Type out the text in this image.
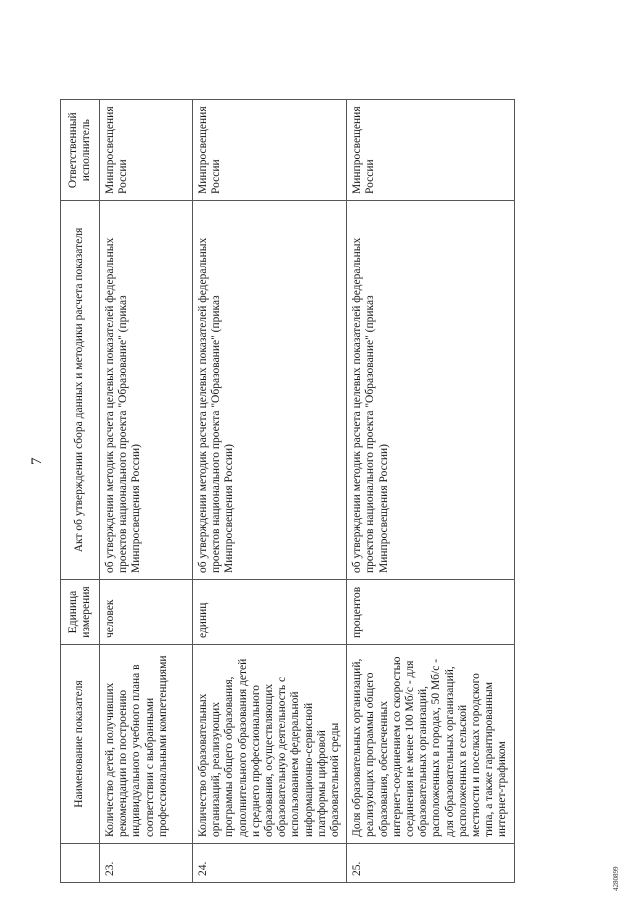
7
	Наименование показателя	Единица измерения	Акт об утверждении сбора данных и методики расчета показателя	Ответственный исполнитель
23.	Количество детей, получивших рекомендации по построению индивидуального учебного плана в соответствии с выбранными профессиональными компетенциями	человек	об утверждении методик расчета целевых показателей федеральных проектов национального проекта "Образование" (приказ Минпросвещения России)	Минпросвещения России
24.	Количество образовательных организаций, реализующих программы общего образования, дополнительного образования детей и среднего профессионального образования, осуществляющих образовательную деятельность с использованием федеральной информационно-сервисной платформы цифровой образовательной среды	единиц	об утверждении методик расчета целевых показателей федеральных проектов национального проекта "Образование" (приказ Минпросвещения России)	Минпросвещения России
25.	Доля образовательных организаций, реализующих программы общего образования, обеспеченных интернет-соединением со скоростью соединения не менее 100 Мб/с - для образовательных организаций, расположенных в городах, 50 Мб/с - для образовательных организаций, расположенных в сельской местности и поселках городского типа, а также гарантированным интернет-трафиком	процентов	об утверждении методик расчета целевых показателей федеральных проектов национального проекта "Образование" (приказ Минпросвещения России)	Минпросвещения России
4280899
